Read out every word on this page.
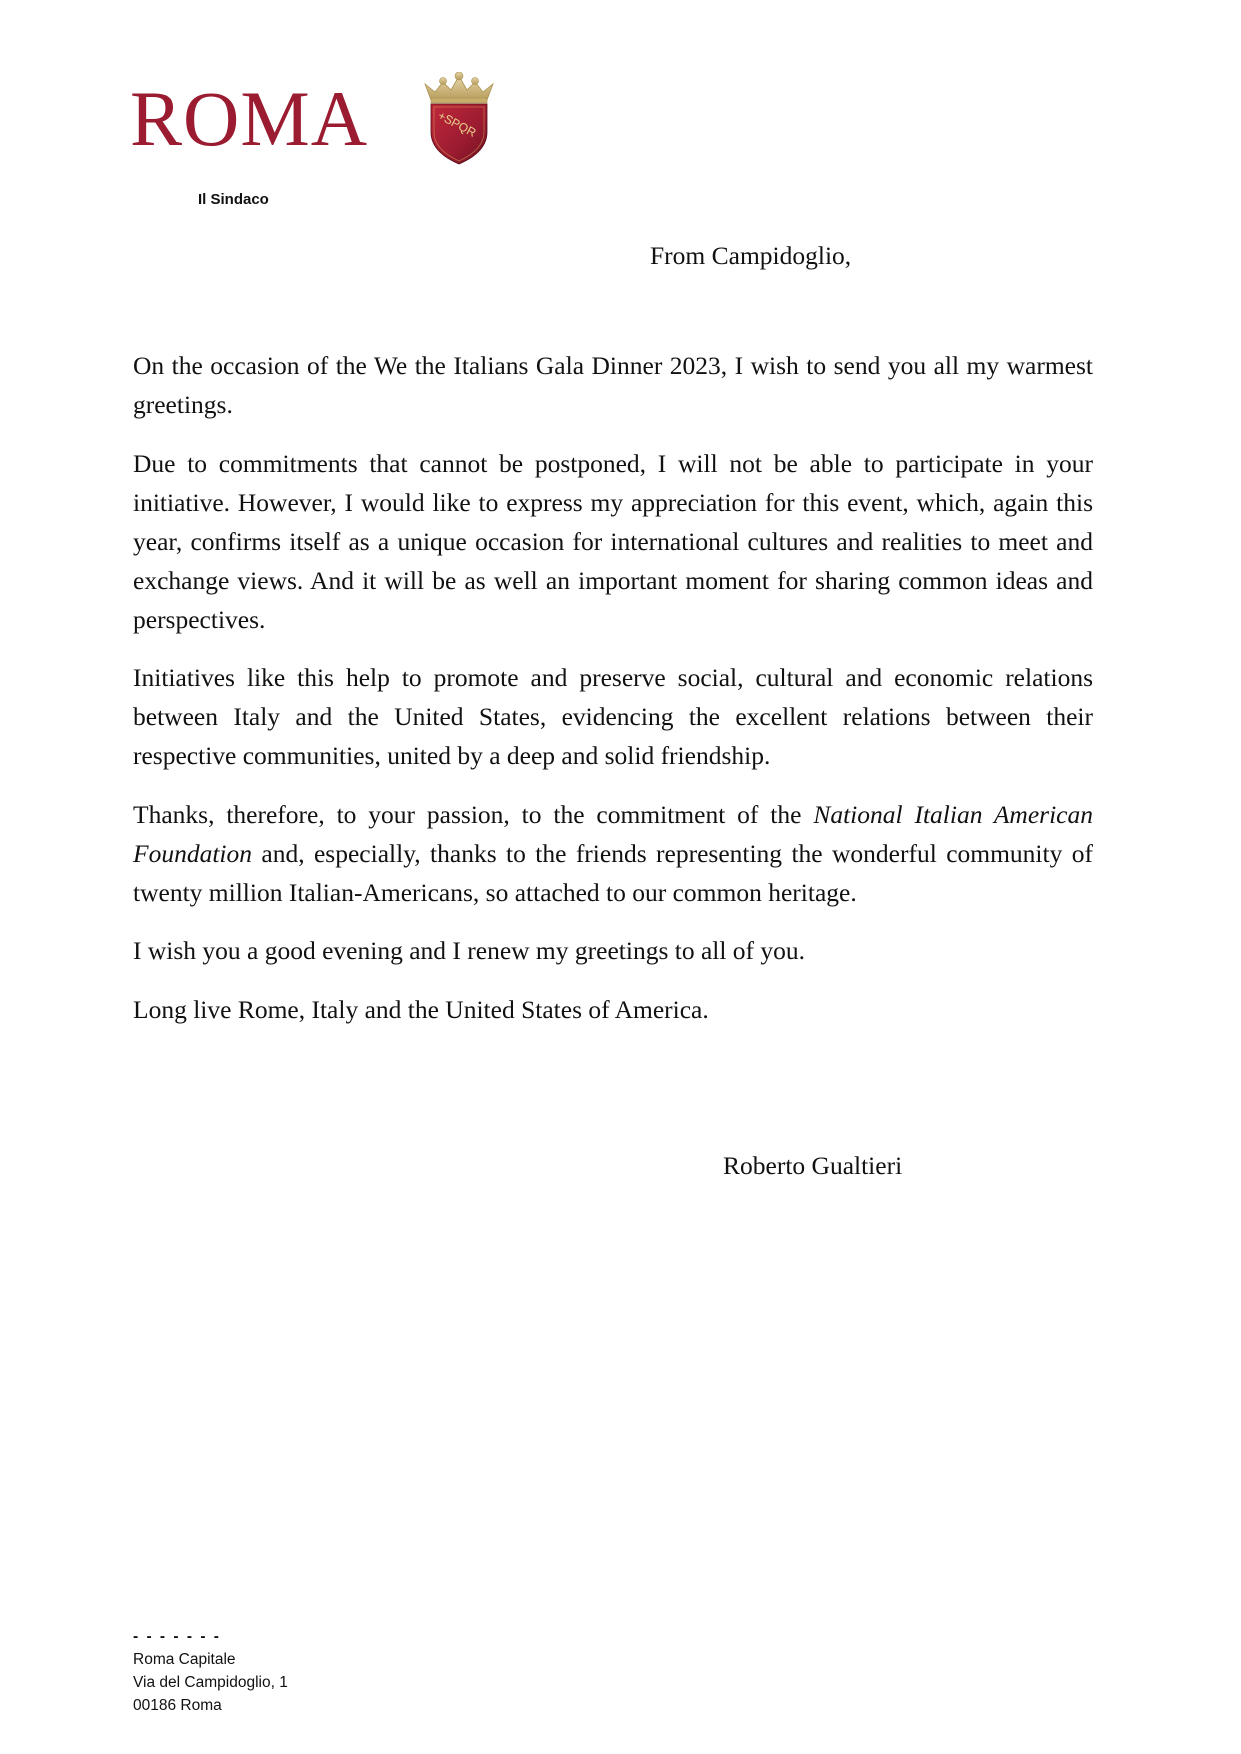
ROMA	+SPQR
Il Sindaco
From Campidoglio,

On the occasion of the We the Italians Gala Dinner 2023, I wish to send you all my warmest greetings.

Due to commitments that cannot be postponed, I will not be able to participate in your initiative. However, I would like to express my appreciation for this event, which, again this year, confirms itself as a unique occasion for international cultures and realities to meet and exchange views. And it will be as well an important moment for sharing common ideas and perspectives.

Initiatives like this help to promote and preserve social, cultural and economic relations between Italy and the United States, evidencing the excellent relations between their respective communities, united by a deep and solid friendship.

Thanks, therefore, to your passion, to the commitment of the National Italian American Foundation and, especially, thanks to the friends representing the wonderful community of twenty million Italian-Americans, so attached to our common heritage.

I wish you a good evening and I renew my greetings to all of you.

Long live Rome, Italy and the United States of America.

Roberto Gualtieri
- - - - - - -
Roma Capitale
Via del Campidoglio, 1
00186 Roma
